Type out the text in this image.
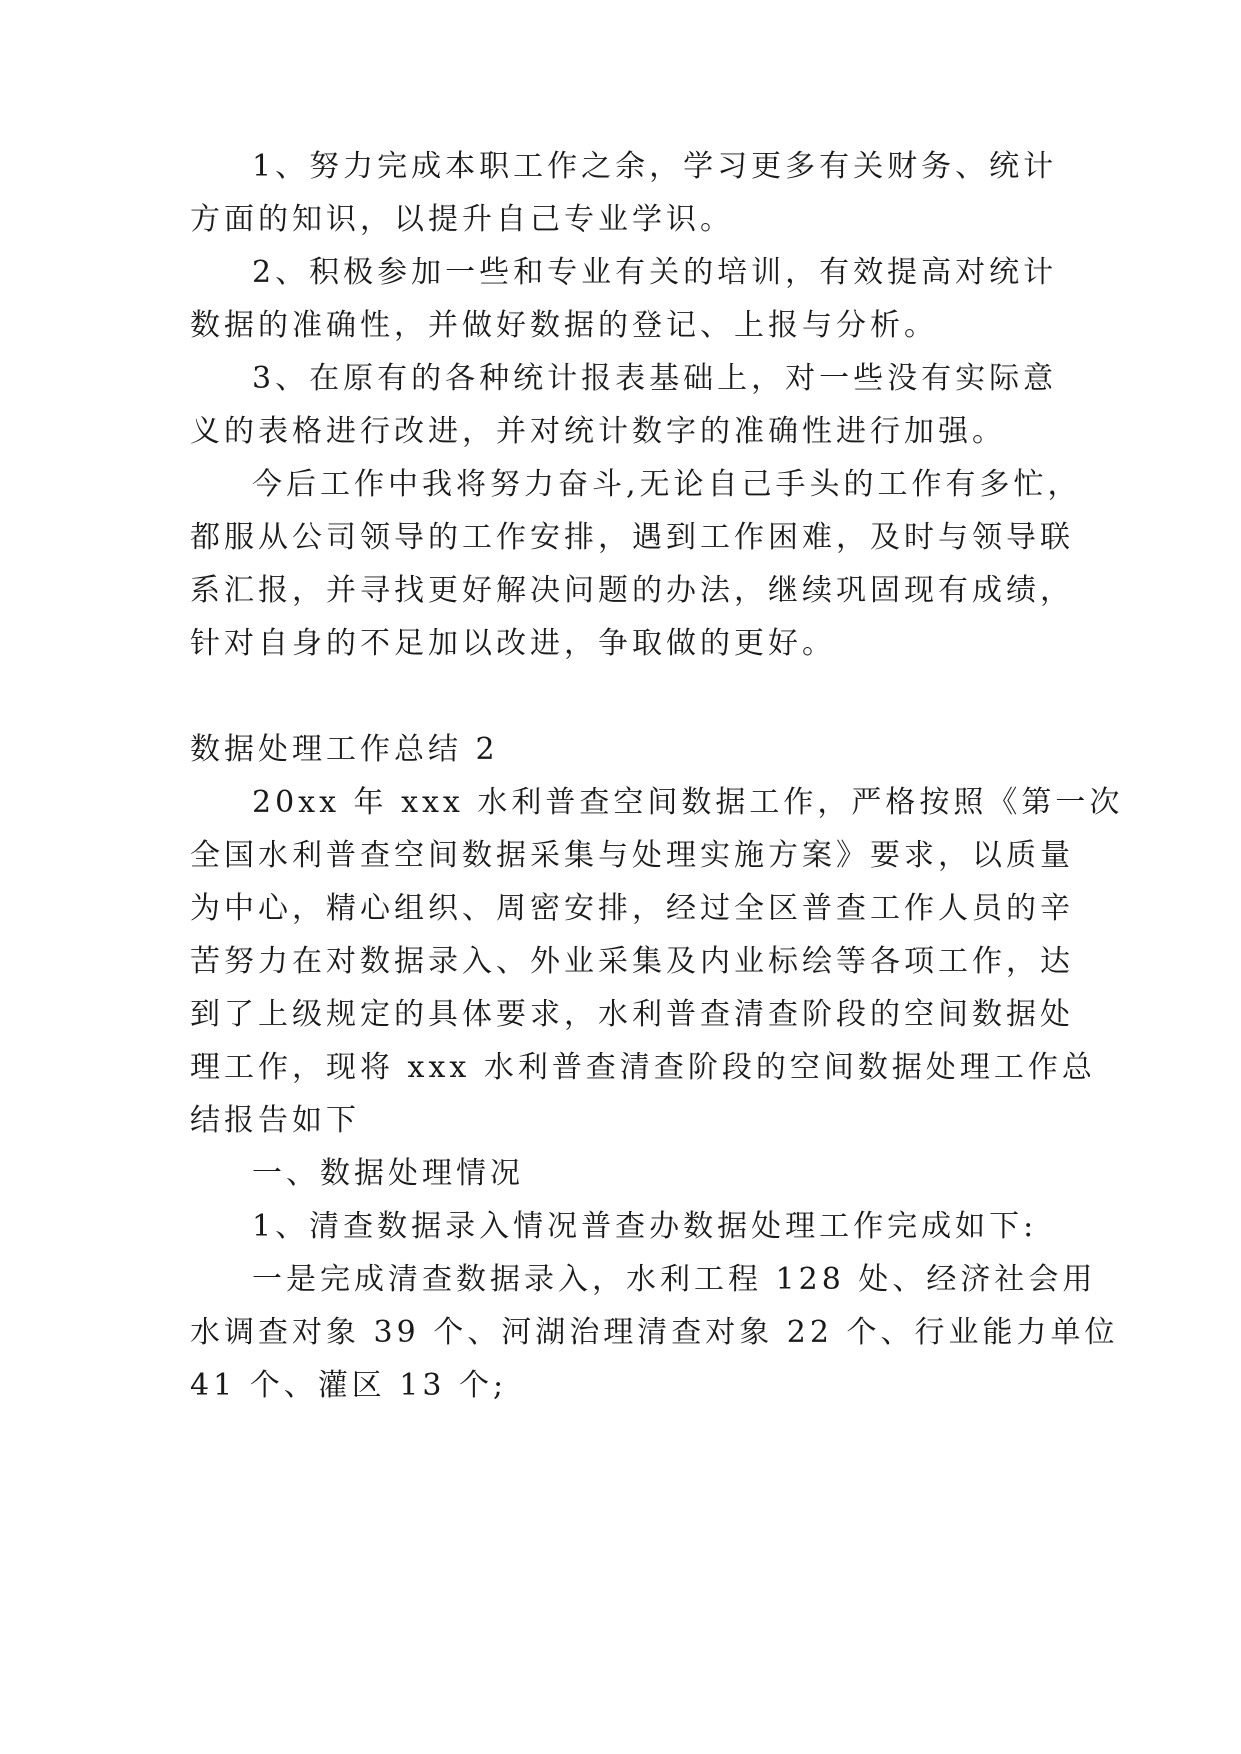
1、努力完成本职工作之余，学习更多有关财务、统计
方面的知识，以提升自己专业学识。
2、积极参加一些和专业有关的培训，有效提高对统计
数据的准确性，并做好数据的登记、上报与分析。
3、在原有的各种统计报表基础上，对一些没有实际意
义的表格进行改进，并对统计数字的准确性进行加强。
今后工作中我将努力奋斗,无论自己手头的工作有多忙，
都服从公司领导的工作安排，遇到工作困难，及时与领导联
系汇报，并寻找更好解决问题的办法，继续巩固现有成绩，
针对自身的不足加以改进，争取做的更好。
数据处理工作总结 2
20xx 年 xxx 水利普查空间数据工作，严格按照《第一次
全国水利普查空间数据采集与处理实施方案》要求，以质量
为中心，精心组织、周密安排，经过全区普查工作人员的辛
苦努力在对数据录入、外业采集及内业标绘等各项工作，达
到了上级规定的具体要求，水利普查清查阶段的空间数据处
理工作，现将 xxx 水利普查清查阶段的空间数据处理工作总
结报告如下
一、数据处理情况
1、清查数据录入情况普查办数据处理工作完成如下:
一是完成清查数据录入，水利工程 128 处、经济社会用
水调查对象 39 个、河湖治理清查对象 22 个、行业能力单位
41 个、灌区 13 个;
